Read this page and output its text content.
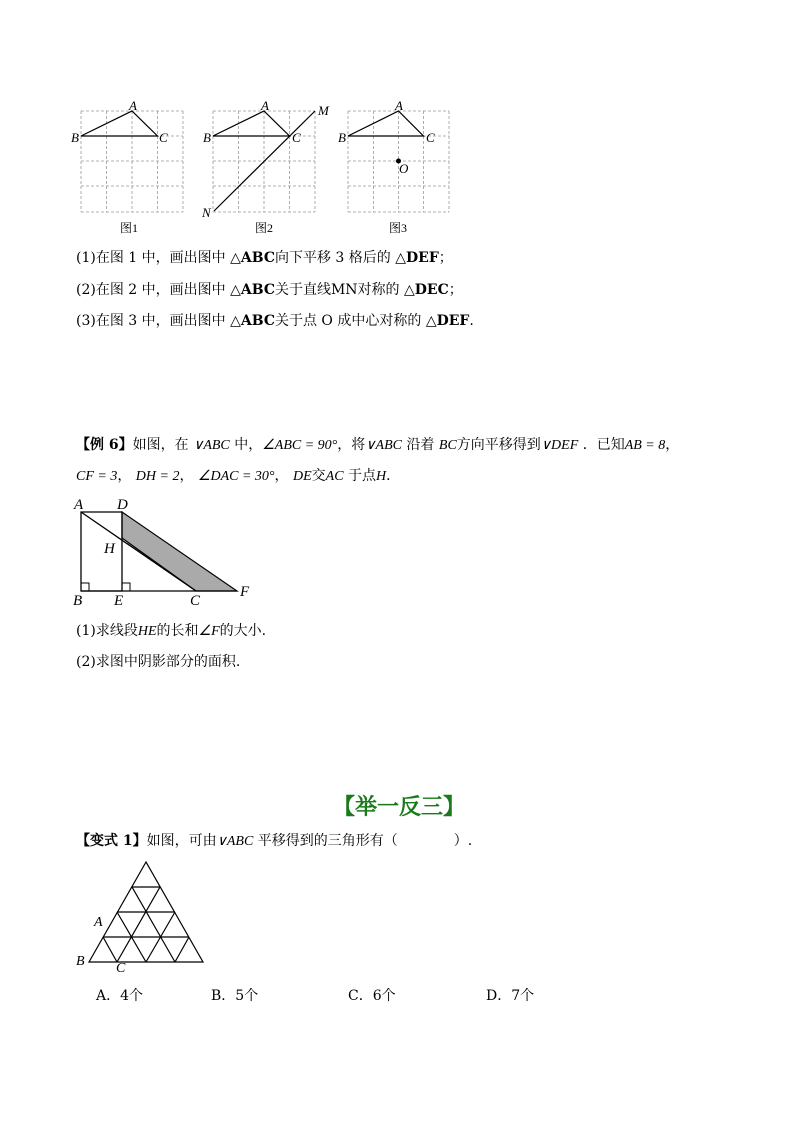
A
B	C
A
B	C
M
N
A
B	C
O
图1	图2	图3
(1)在图 1 中，画出图中 △ABC向下平移 3 格后的 △DEF；
(2)在图 2 中，画出图中 △ABC关于直线MN对称的 △DEC；
(3)在图 3 中，画出图中 △ABC关于点 O 成中心对称的 △DEF.
【例 6】如图，在 ∨ABC 中，∠ABC = 90°，将∨ABC 沿着 BC方向平移得到∨DEF ．已知AB = 8，
CF = 3， DH = 2， ∠DAC = 30°， DE交AC 于点H．
A D
H
B E	C
F
(1)求线段HE的长和∠F的大小.
(2)求图中阴影部分的面积.
【举一反三】
【变式 1】如图，可由∨ABC 平移得到的三角形有（　　　　）.
A
B C
A．4个	B．5个	C．6个	D．7个
